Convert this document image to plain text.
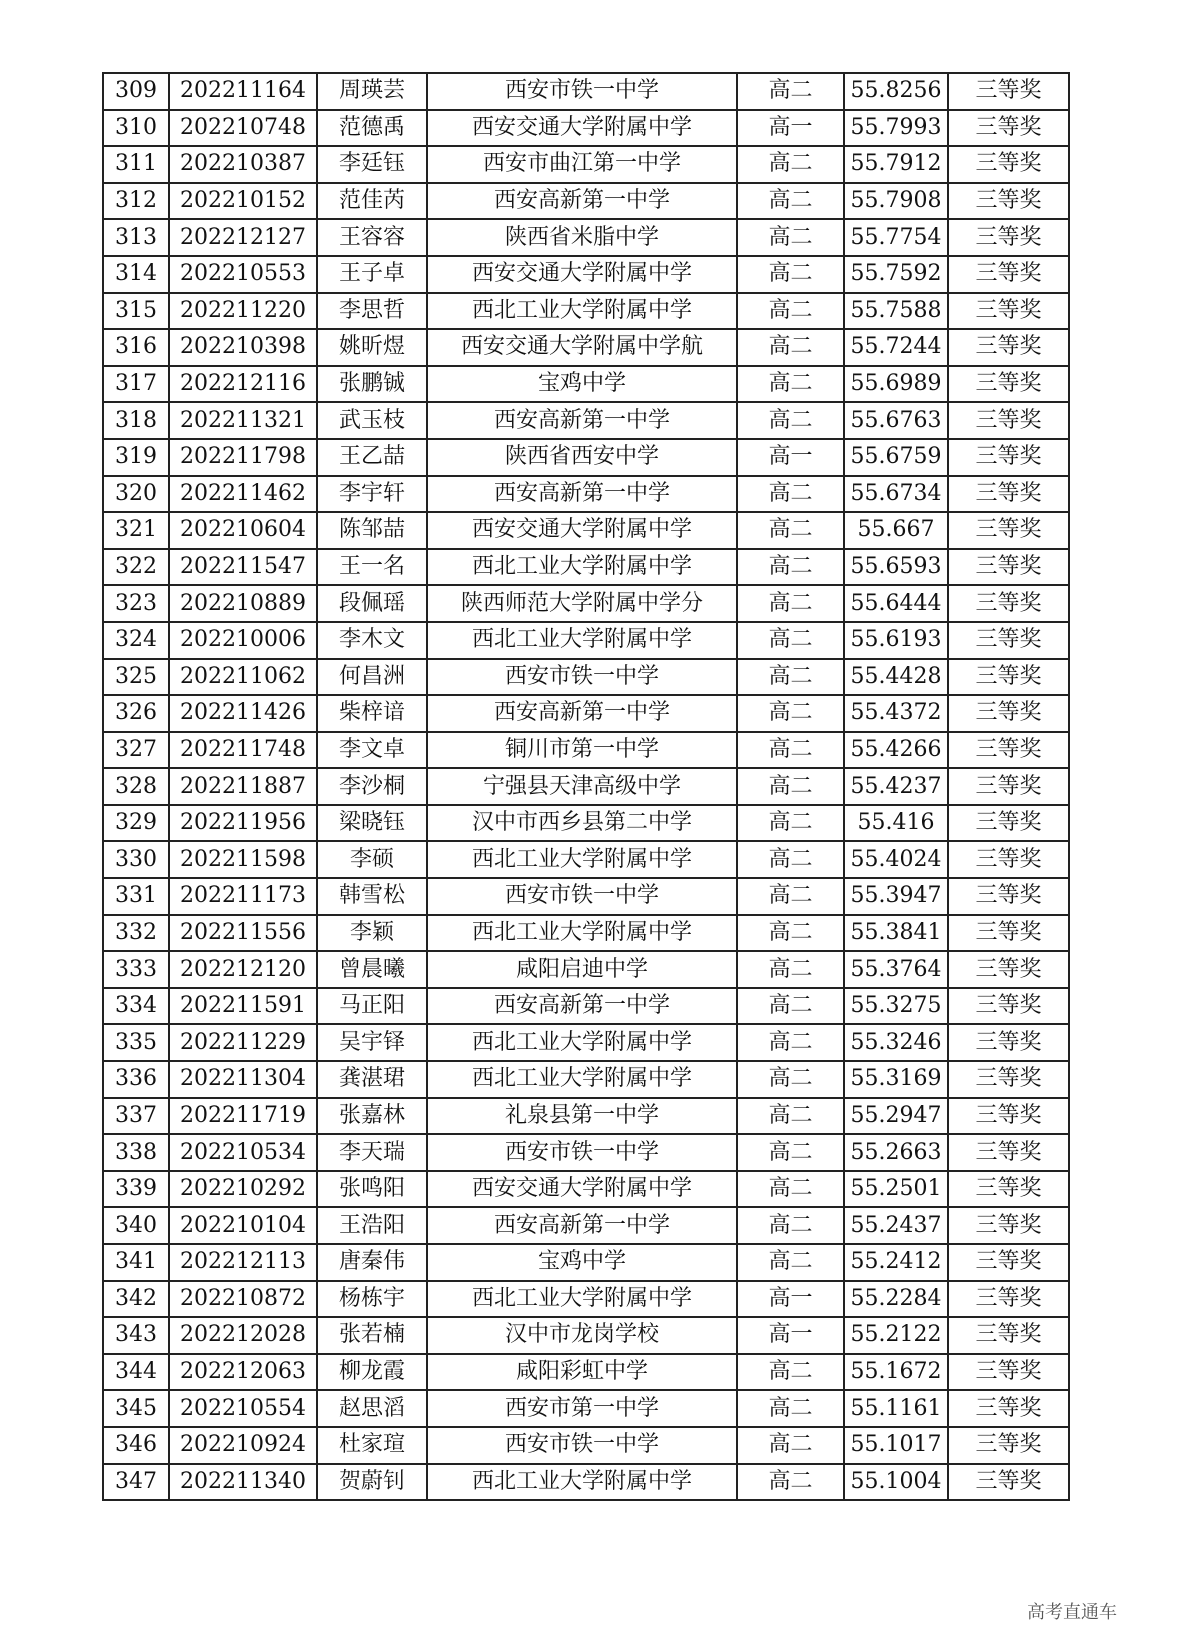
309	202211164	周瑛芸	西安市铁一中学	高二	55.8256	三等奖
310	202210748	范德禹	西安交通大学附属中学	高一	55.7993	三等奖
311	202210387	李廷钰	西安市曲江第一中学	高二	55.7912	三等奖
312	202210152	范佳芮	西安高新第一中学	高二	55.7908	三等奖
313	202212127	王容容	陕西省米脂中学	高二	55.7754	三等奖
314	202210553	王子卓	西安交通大学附属中学	高二	55.7592	三等奖
315	202211220	李思哲	西北工业大学附属中学	高二	55.7588	三等奖
316	202210398	姚昕煜	西安交通大学附属中学航	高二	55.7244	三等奖
317	202212116	张鹏铖	宝鸡中学	高二	55.6989	三等奖
318	202211321	武玉枝	西安高新第一中学	高二	55.6763	三等奖
319	202211798	王乙喆	陕西省西安中学	高一	55.6759	三等奖
320	202211462	李宇轩	西安高新第一中学	高二	55.6734	三等奖
321	202210604	陈邹喆	西安交通大学附属中学	高二	55.667	三等奖
322	202211547	王一名	西北工业大学附属中学	高二	55.6593	三等奖
323	202210889	段佩瑶	陕西师范大学附属中学分	高二	55.6444	三等奖
324	202210006	李木文	西北工业大学附属中学	高二	55.6193	三等奖
325	202211062	何昌洲	西安市铁一中学	高二	55.4428	三等奖
326	202211426	柴梓谙	西安高新第一中学	高二	55.4372	三等奖
327	202211748	李文卓	铜川市第一中学	高二	55.4266	三等奖
328	202211887	李沙桐	宁强县天津高级中学	高二	55.4237	三等奖
329	202211956	梁晓钰	汉中市西乡县第二中学	高二	55.416	三等奖
330	202211598	李硕	西北工业大学附属中学	高二	55.4024	三等奖
331	202211173	韩雪松	西安市铁一中学	高二	55.3947	三等奖
332	202211556	李颖	西北工业大学附属中学	高二	55.3841	三等奖
333	202212120	曾晨曦	咸阳启迪中学	高二	55.3764	三等奖
334	202211591	马正阳	西安高新第一中学	高二	55.3275	三等奖
335	202211229	吴宇铎	西北工业大学附属中学	高二	55.3246	三等奖
336	202211304	龚湛珺	西北工业大学附属中学	高二	55.3169	三等奖
337	202211719	张嘉林	礼泉县第一中学	高二	55.2947	三等奖
338	202210534	李天瑞	西安市铁一中学	高二	55.2663	三等奖
339	202210292	张鸣阳	西安交通大学附属中学	高二	55.2501	三等奖
340	202210104	王浩阳	西安高新第一中学	高二	55.2437	三等奖
341	202212113	唐秦伟	宝鸡中学	高二	55.2412	三等奖
342	202210872	杨栋宇	西北工业大学附属中学	高一	55.2284	三等奖
343	202212028	张若楠	汉中市龙岗学校	高一	55.2122	三等奖
344	202212063	柳龙霞	咸阳彩虹中学	高二	55.1672	三等奖
345	202210554	赵思滔	西安市第一中学	高二	55.1161	三等奖
346	202210924	杜家瑄	西安市铁一中学	高二	55.1017	三等奖
347	202211340	贺蔚钊	西北工业大学附属中学	高二	55.1004	三等奖
高考直通车
